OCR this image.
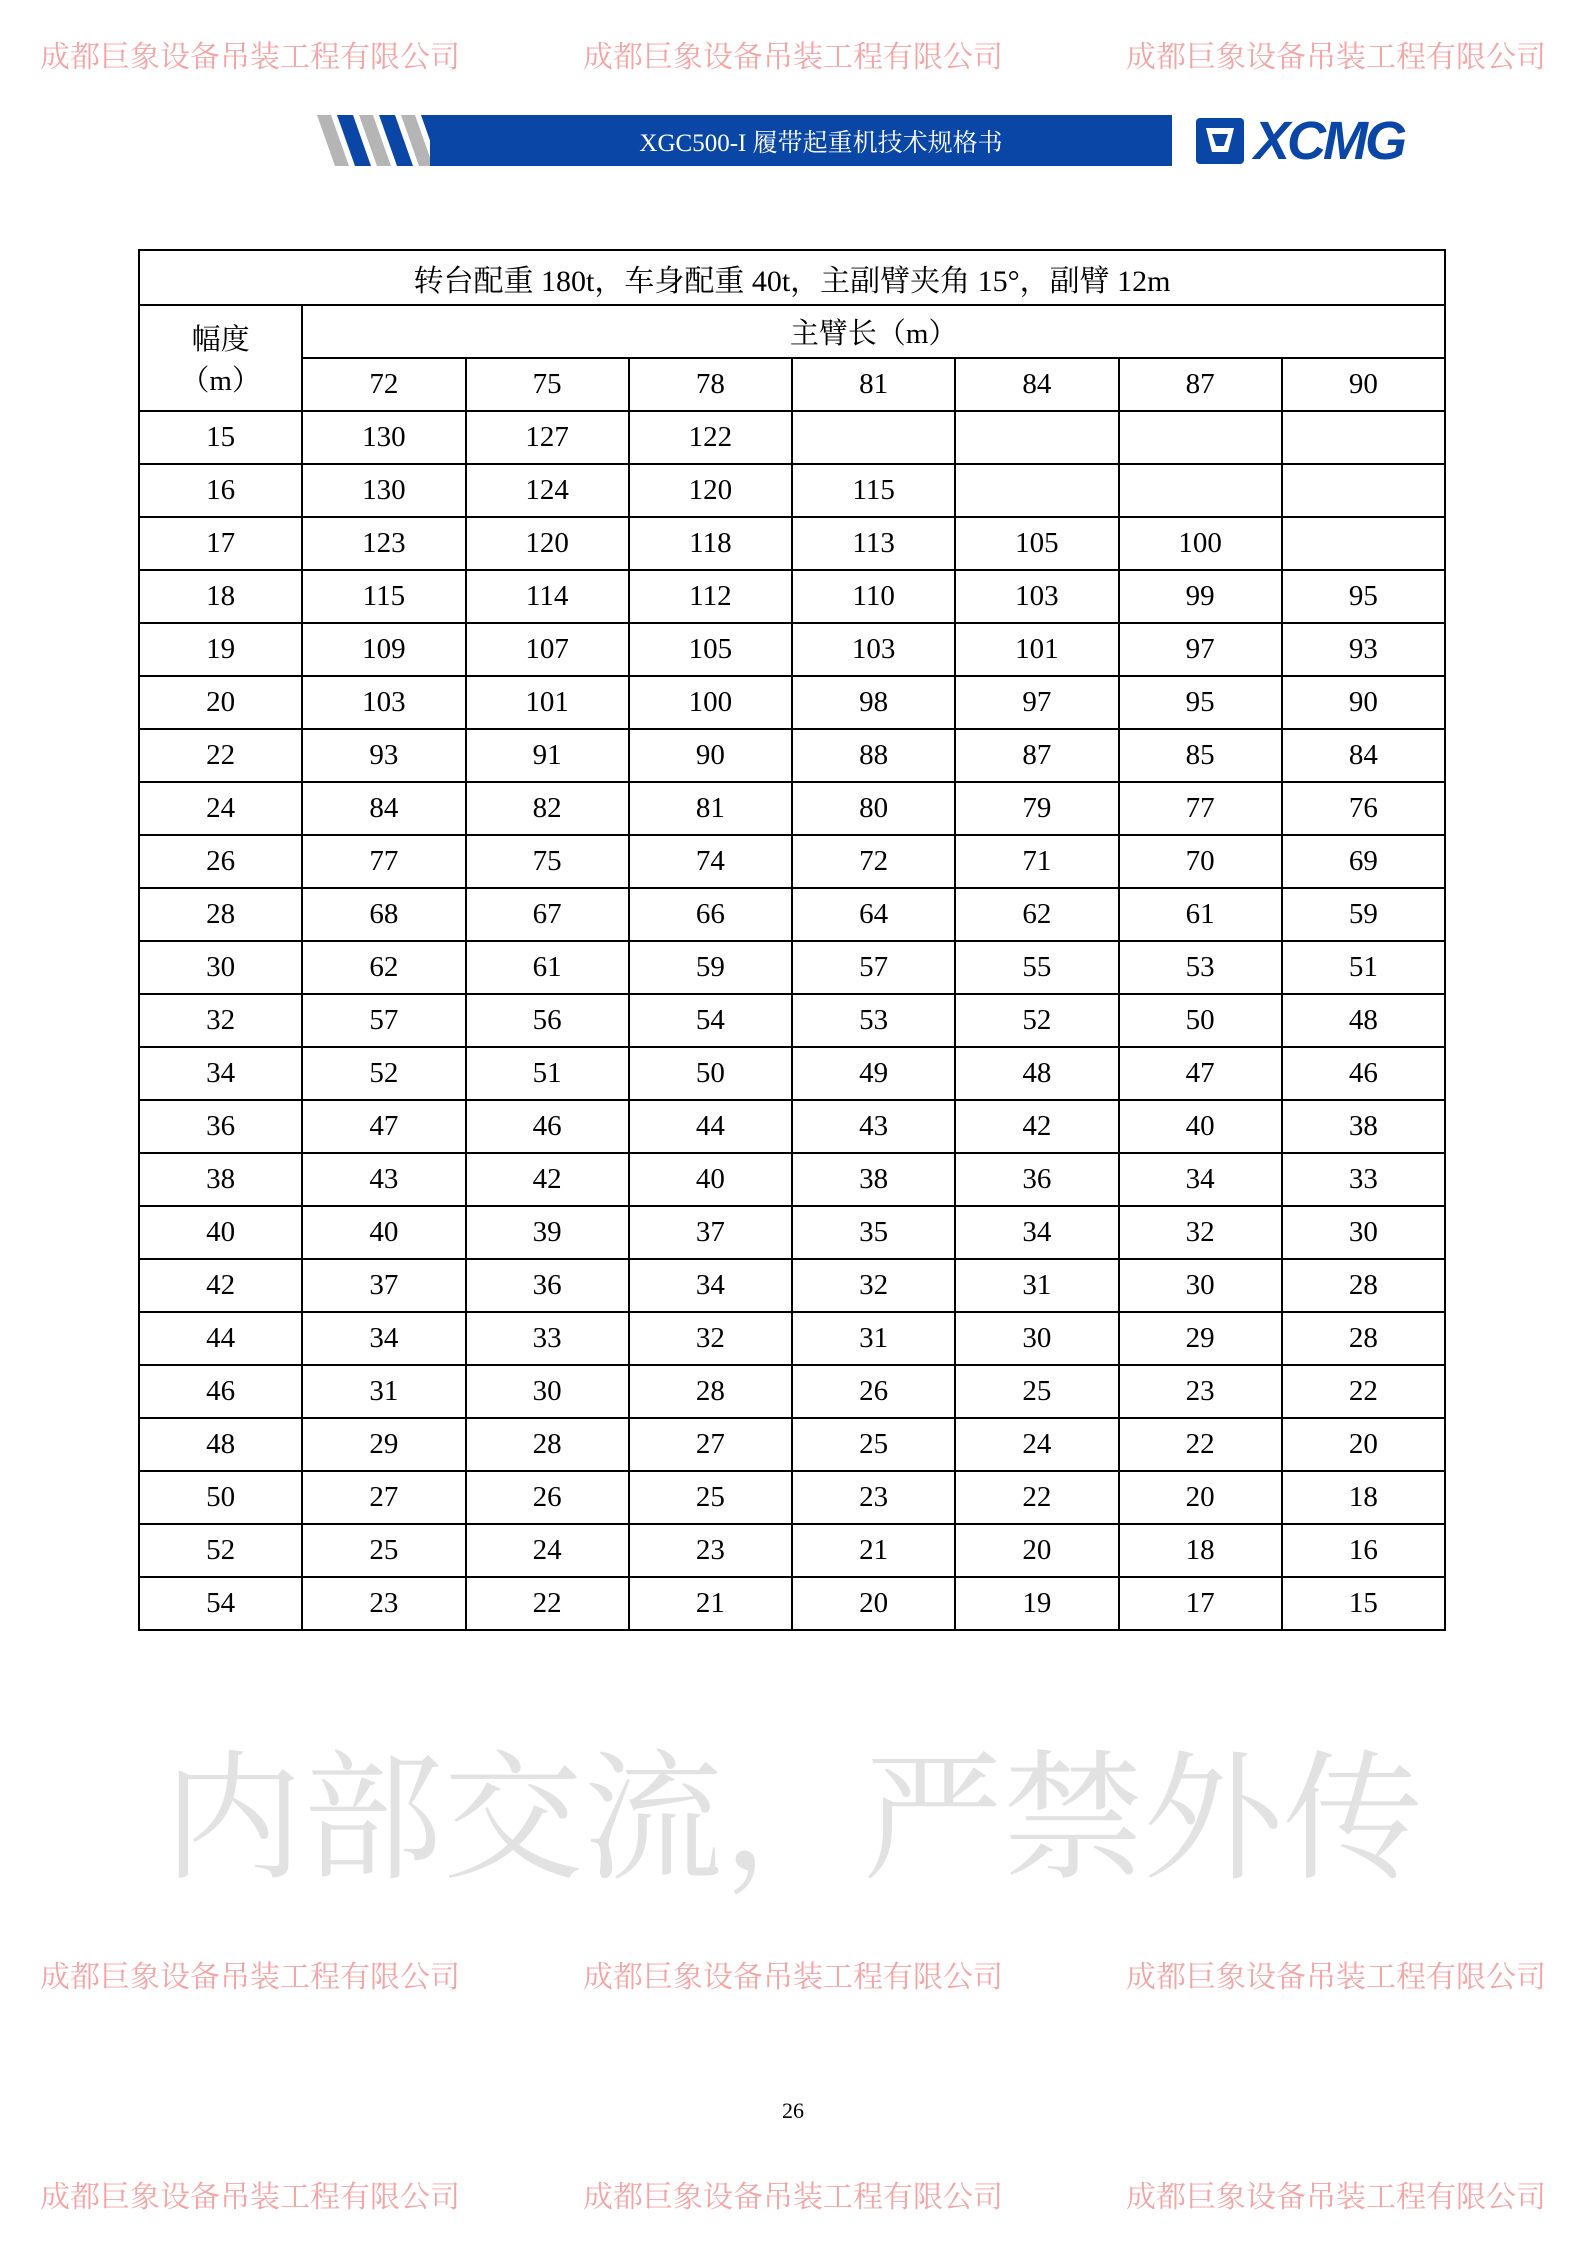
XGC500-I 履带起重机技术规格书	XCMG
转台配重 180t，车身配重 40t，主副臂夹角 15°，副臂 12m							

幅度
（m）	主臂长（m）						
	72	75	78	81	84	87	90
15	130	127	122				
16	130	124	120	115			
17	123	120	118	113	105	100	
18	115	114	112	110	103	99	95
19	109	107	105	103	101	97	93
20	103	101	100	98	97	95	90
22	93	91	90	88	87	85	84
24	84	82	81	80	79	77	76
26	77	75	74	72	71	70	69
28	68	67	66	64	62	61	59
30	62	61	59	57	55	53	51
32	57	56	54	53	52	50	48
34	52	51	50	49	48	47	46
36	47	46	44	43	42	40	38
38	43	42	40	38	36	34	33
40	40	39	37	35	34	32	30
42	37	36	34	32	31	30	28
44	34	33	32	31	30	29	28
46	31	30	28	26	25	23	22
48	29	28	27	25	24	22	20
50	27	26	25	23	22	20	18
52	25	24	23	21	20	18	16
54	23	22	21	20	19	17	15
内部交流，严禁外传
26
成都巨象设备吊装工程有限公司	成都巨象设备吊装工程有限公司	成都巨象设备吊装工程有限公司
成都巨象设备吊装工程有限公司	成都巨象设备吊装工程有限公司	成都巨象设备吊装工程有限公司
成都巨象设备吊装工程有限公司	成都巨象设备吊装工程有限公司	成都巨象设备吊装工程有限公司
